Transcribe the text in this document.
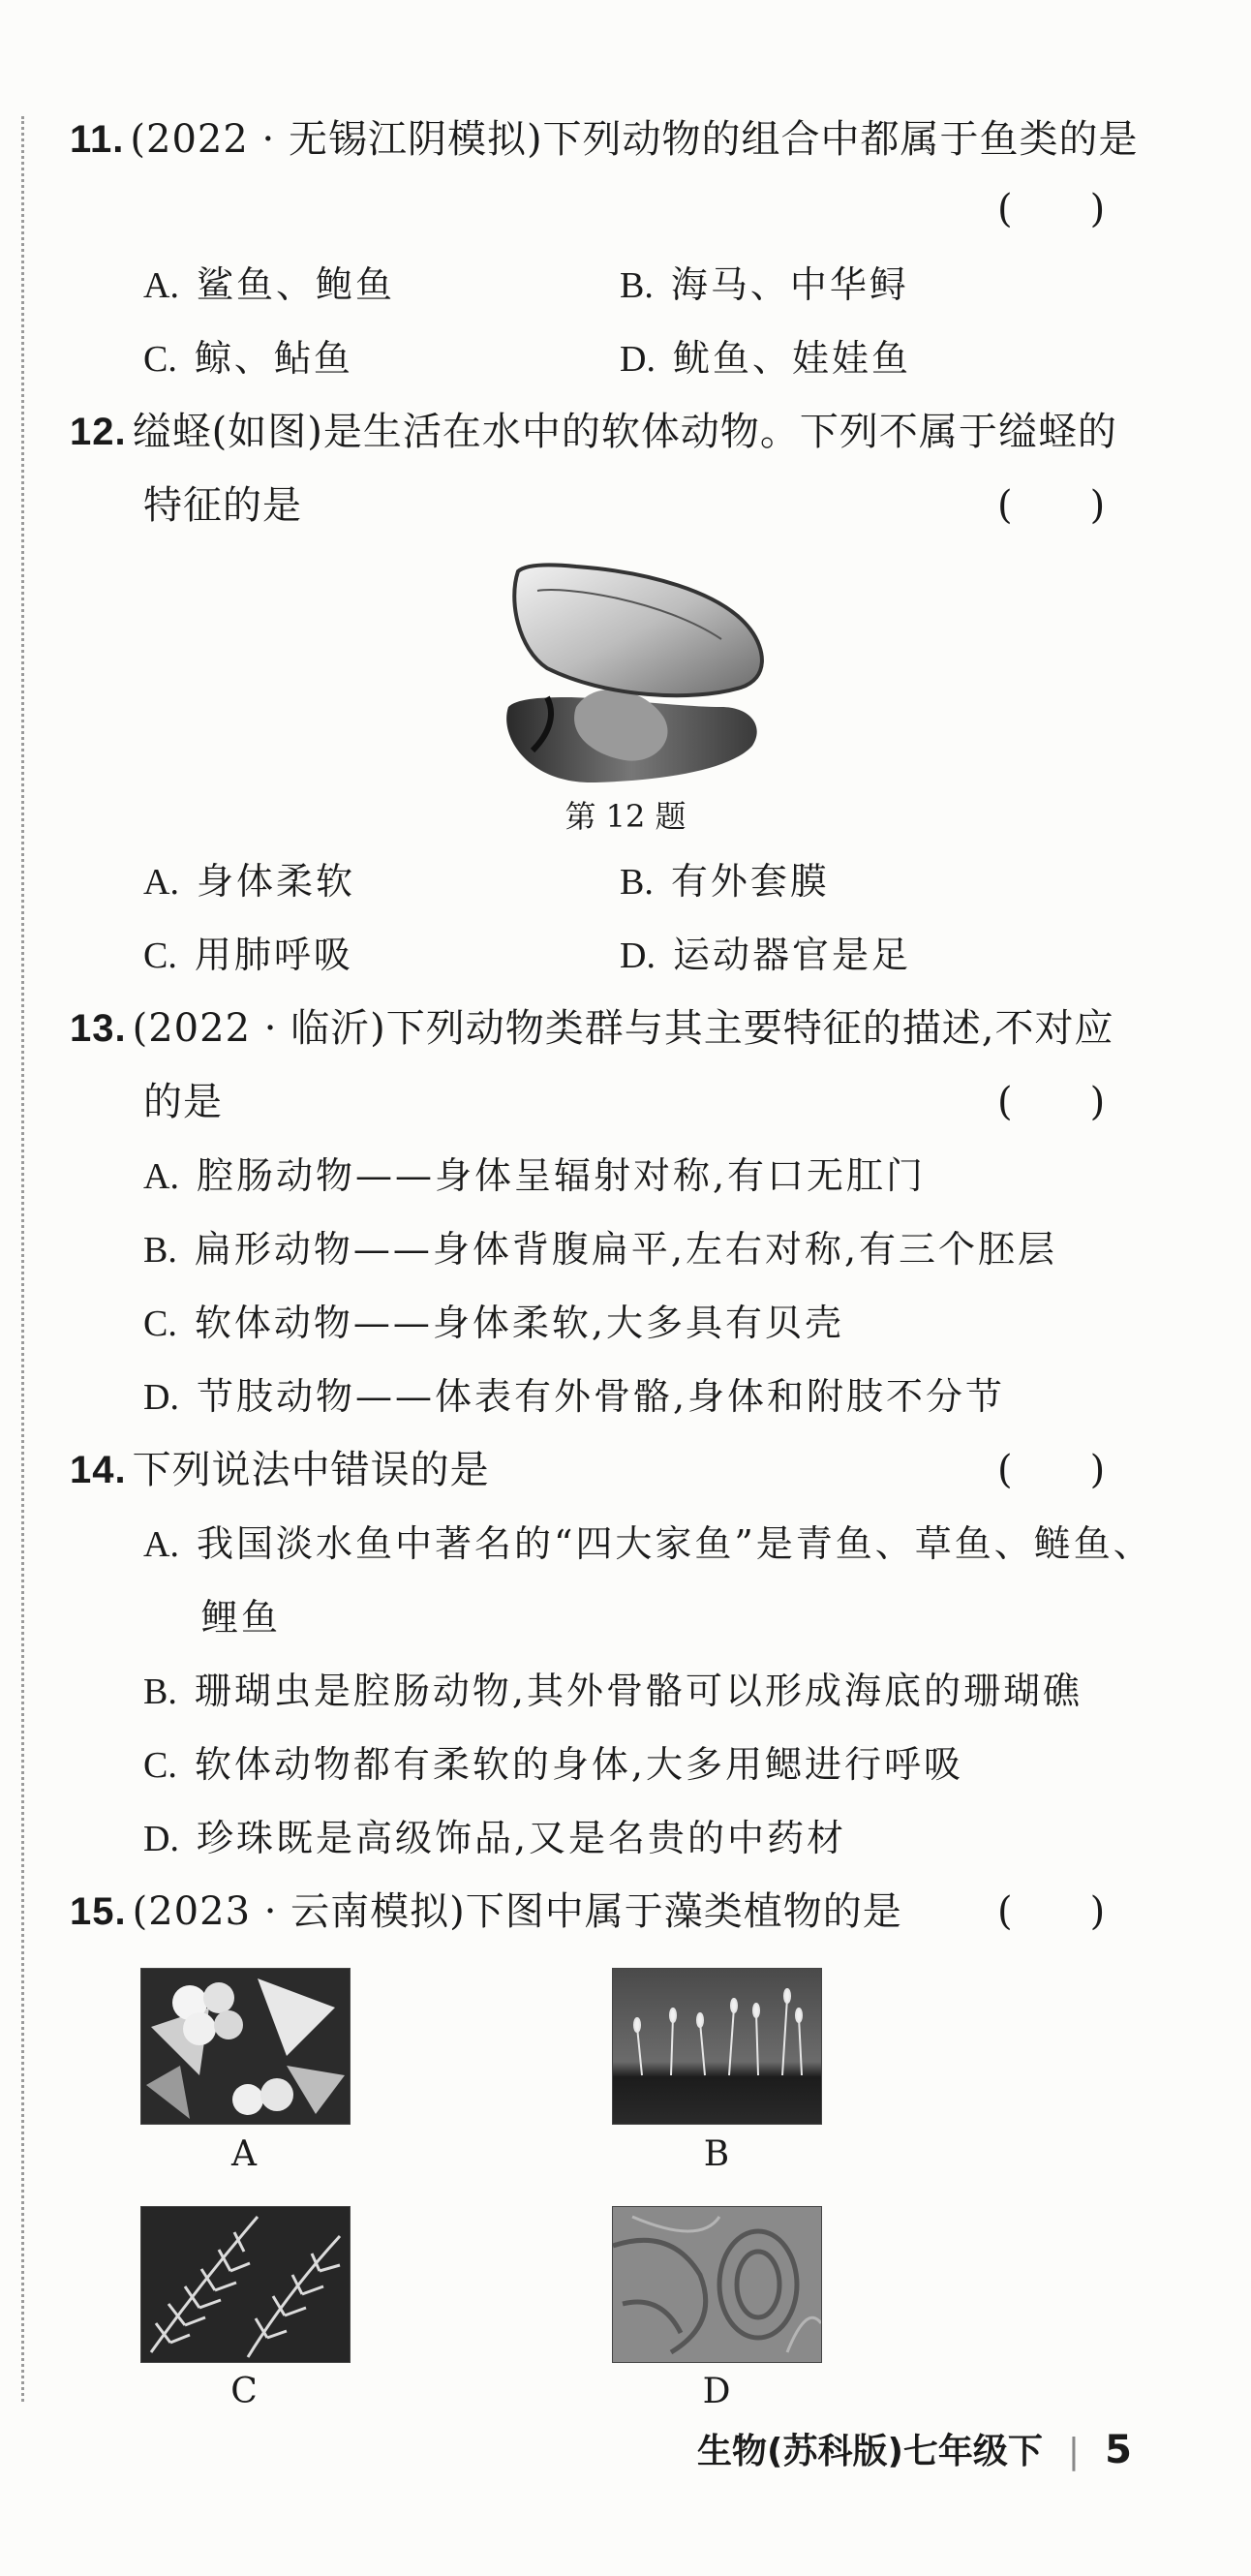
11. (2022 · 无锡江阴模拟)下列动物的组合中都属于鱼类的是
(　　)
A. 鲨鱼、鲍鱼	B. 海马、中华鲟
C. 鲸、鲇鱼	D. 鱿鱼、娃娃鱼
12. 缢蛏(如图)是生活在水中的软体动物。下列不属于缢蛏的
特征的是	(　　)
第 12 题
A. 身体柔软	B. 有外套膜
C. 用肺呼吸	D. 运动器官是足
13. (2022 · 临沂)下列动物类群与其主要特征的描述,不对应
的是	(　　)
A. 腔肠动物——身体呈辐射对称,有口无肛门
B. 扁形动物——身体背腹扁平,左右对称,有三个胚层
C. 软体动物——身体柔软,大多具有贝壳
D. 节肢动物——体表有外骨骼,身体和附肢不分节
14. 下列说法中错误的是	(　　)
A. 我国淡水鱼中著名的“四大家鱼”是青鱼、草鱼、鲢鱼、
鲤鱼
B. 珊瑚虫是腔肠动物,其外骨骼可以形成海底的珊瑚礁
C. 软体动物都有柔软的身体,大多用鳃进行呼吸
D. 珍珠既是高级饰品,又是名贵的中药材
15. (2023 · 云南模拟)下图中属于藻类植物的是 (　　)
A	B
C	D
生物(苏科版)七年级下 | 5
